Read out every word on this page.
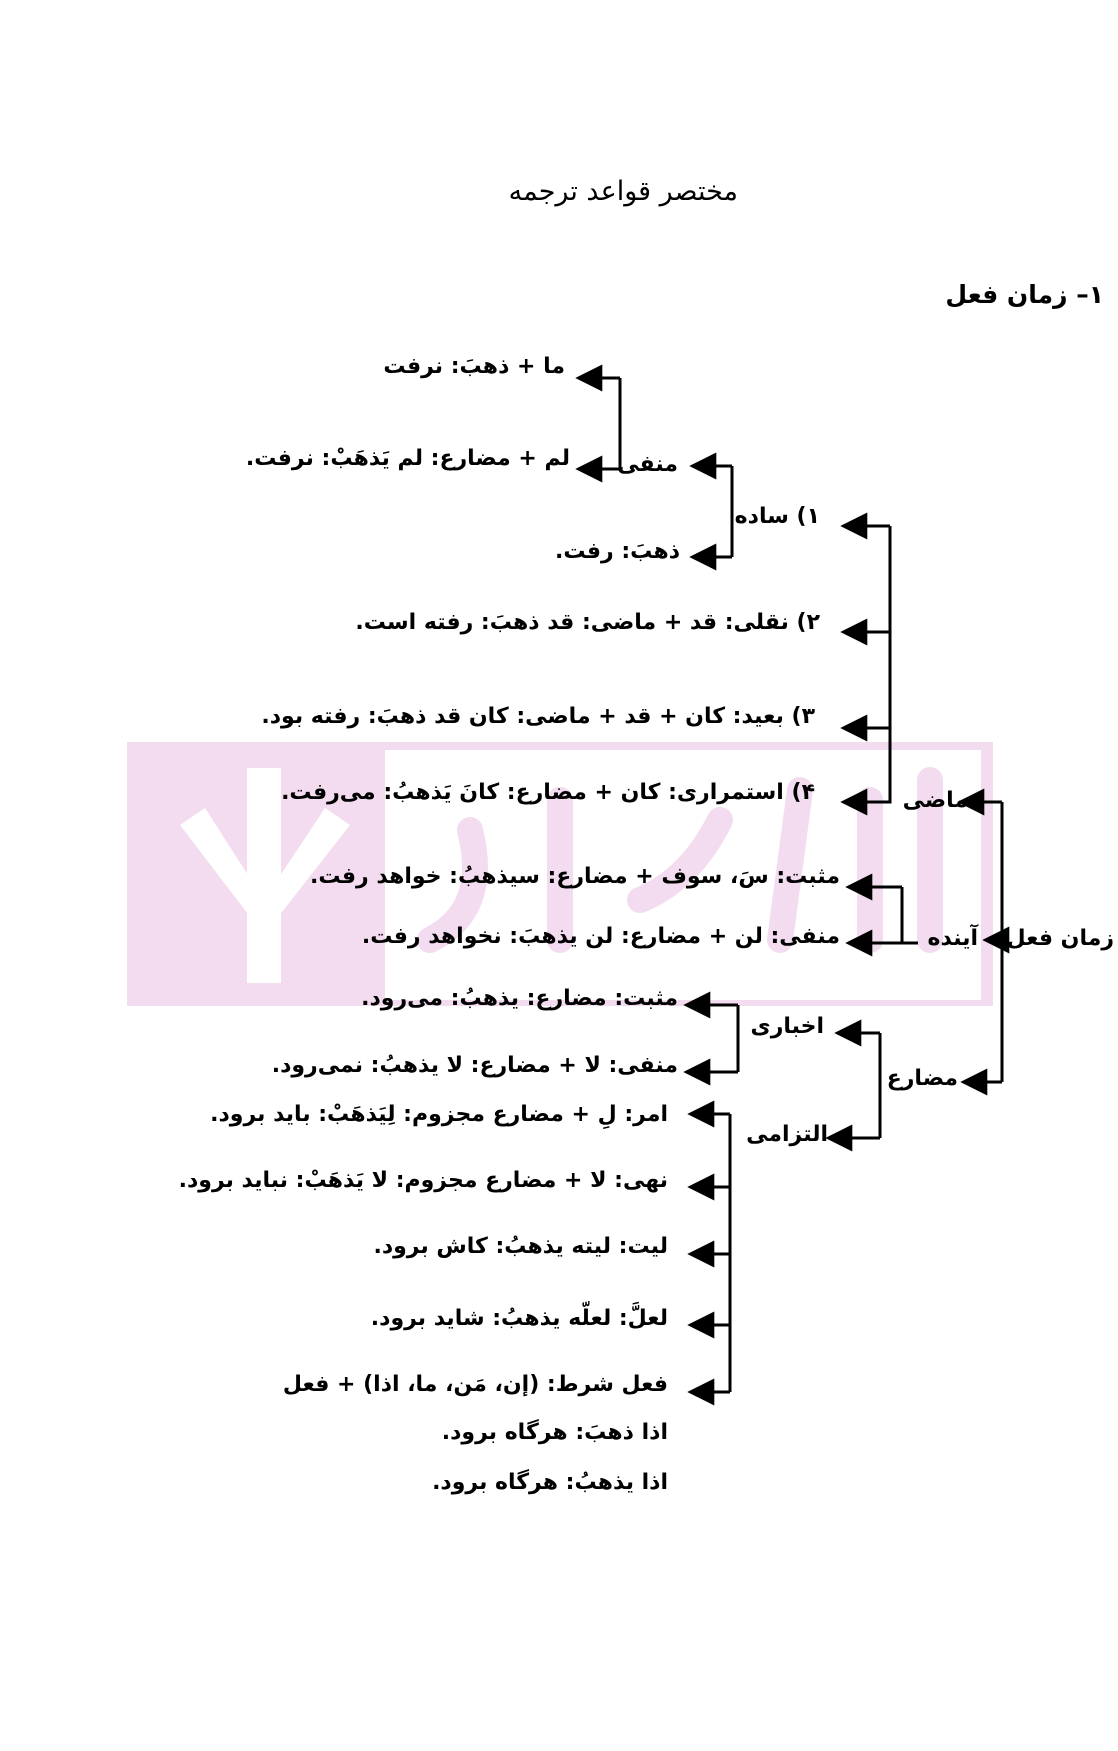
مختصر قواعد ترجمه
۱– زمان فعل
زمان فعل
ماضی
۱) ساده
منفی
ما + ذهبَ: نرفت
لم + مضارع: لم یَذهَبْ: نرفت.
ذهبَ: رفت.
۲) نقلی: قد + ماضی: قد ذهبَ: رفته است.
۳) بعید: کان + قد + ماضی: کان قد ذهبَ: رفته بود.
۴) استمراری: کان + مضارع: کانَ یَذهبُ: می‌رفت.
آینده
مثبت: سَ، سوف + مضارع: سیذهبُ: خواهد رفت.
منفی: لن + مضارع: لن یذهبَ: نخواهد رفت.
مضارع
اخباری
مثبت: مضارع: یذهبُ: می‌رود.
منفی: لا + مضارع: لا یذهبُ: نمی‌رود.
التزامی
امر: لِ + مضارع مجزوم: لِیَذهَبْ: باید برود.
نهی: لا + مضارع مجزوم: لا یَذهَبْ: نباید برود.
لیت: لیته یذهبُ: کاش برود.
لعلَّ: لعلّه یذهبُ: شاید برود.
فعل شرط: (إن، مَن، ما، اذا) + فعل
اذا ذهبَ: هرگاه برود.
اذا یذهبُ: هرگاه برود.
